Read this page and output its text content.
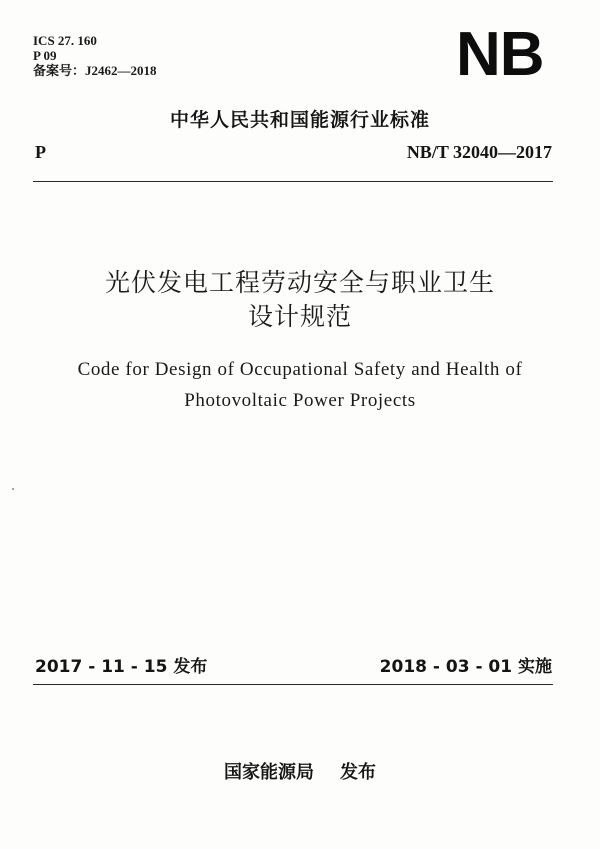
ICS 27. 160
P 09
备案号：J2462—2018	NB
中华人民共和国能源行业标准
P	NB/T 32040—2017
光伏发电工程劳动安全与职业卫生
设计规范
Code for Design of Occupational Safety and Health of
Photovoltaic Power Projects
2017 - 11 - 15 发布	2018 - 03 - 01 实施
国家能源局 发布
